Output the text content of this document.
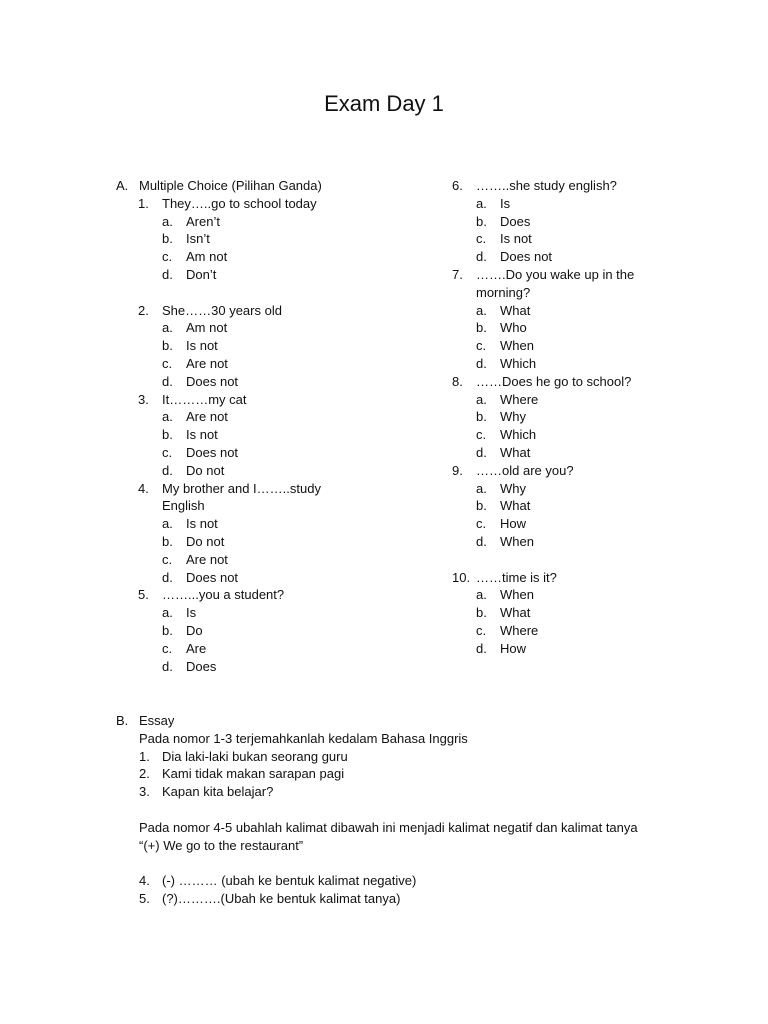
Exam Day 1
A. Multiple Choice (Pilihan Ganda)
1. They…..go to school today
a. Aren’t
b. Isn’t
c. Am not
d. Don’t
2. She……30 years old
a. Am not
b. Is not
c. Are not
d. Does not
3. It………my cat
a. Are not
b. Is not
c. Does not
d. Do not
4. My brother and I……..study
English
a. Is not
b. Do not
c. Are not
d. Does not
5. ……...you a student?
a. Is
b. Do
c. Are
d. Does
6. ……..she study english?
a. Is
b. Does
c. Is not
d. Does not
7. …….Do you wake up in the
morning?
a. What
b. Who
c. When
d. Which
8. ……Does he go to school?
a. Where
b. Why
c. Which
d. What
9. ……old are you?
a. Why
b. What
c. How
d. When
10. ……time is it?
a. When
b. What
c. Where
d. How
B. Essay
Pada nomor 1-3 terjemahkanlah kedalam Bahasa Inggris
1. Dia laki-laki bukan seorang guru
2. Kami tidak makan sarapan pagi
3. Kapan kita belajar?
Pada nomor 4-5 ubahlah kalimat dibawah ini menjadi kalimat negatif dan kalimat tanya
“(+) We go to the restaurant”
4. (-) ……… (ubah ke bentuk kalimat negative)
5. (?)……….(Ubah ke bentuk kalimat tanya)
